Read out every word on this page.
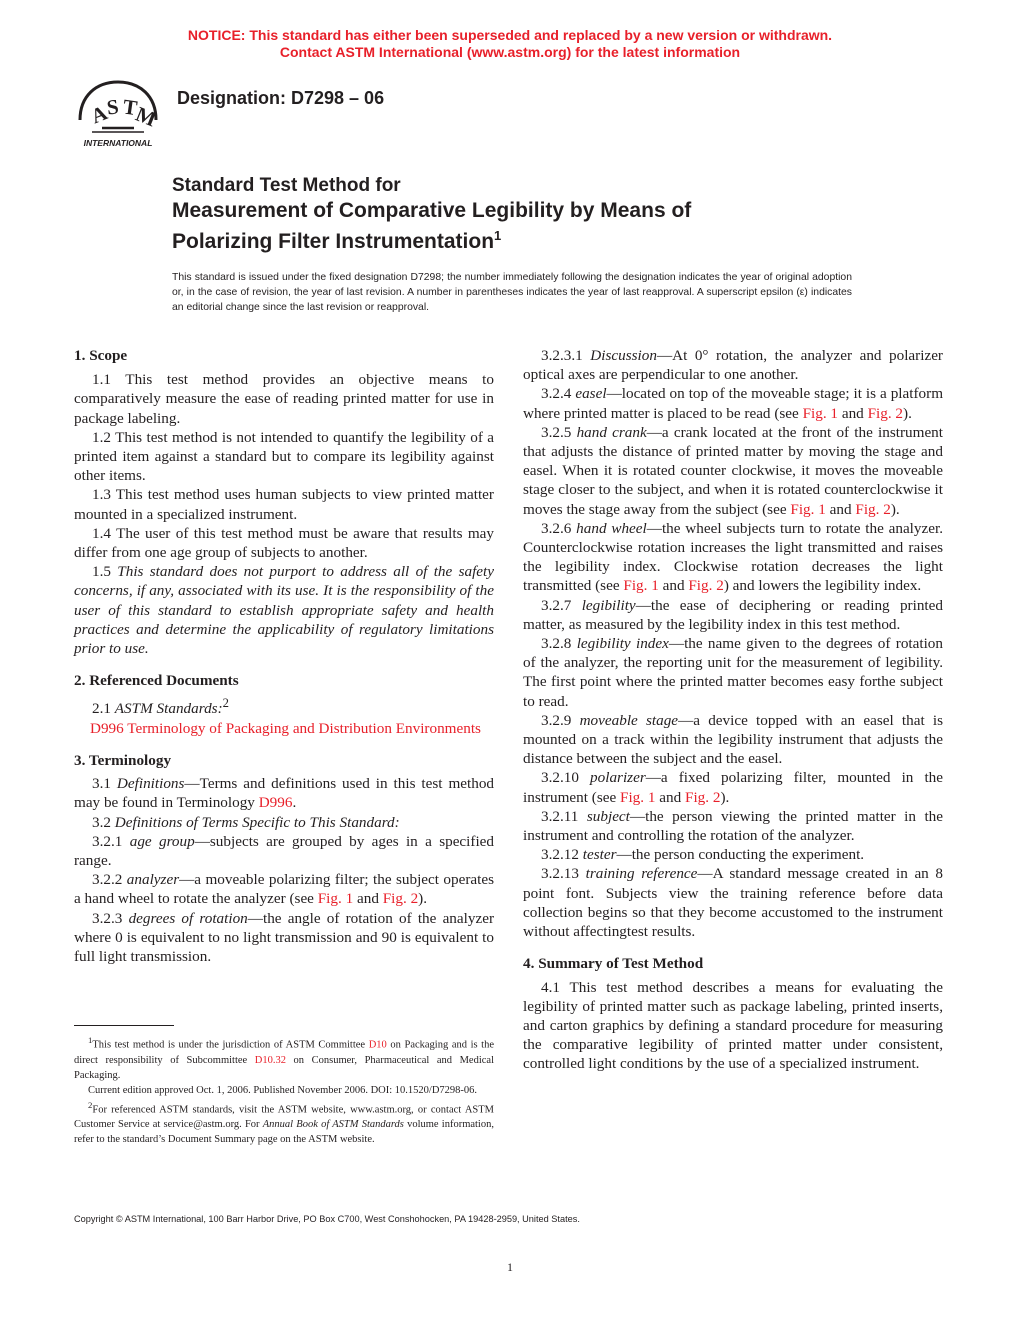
NOTICE: This standard has either been superseded and replaced by a new version or withdrawn.
Contact ASTM International (www.astm.org) for the latest information
A
S T
M
INTERNATIONAL
Designation: D7298 – 06
Standard Test Method for
Measurement of Comparative Legibility by Means of
Polarizing Filter Instrumentation$^1$
This standard is issued under the fixed designation D7298; the number immediately following the designation indicates the year of original adoption or, in the case of revision, the year of last revision. A number in parentheses indicates the year of last reapproval. A superscript epsilon (ε) indicates an editorial change since the last revision or reapproval.
1. Scope

1.1 This test method provides an objective means to comparatively measure the ease of reading printed matter for use in package labeling.

1.2 This test method is not intended to quantify the legibility of a printed item against a standard but to compare its legibility against other items.

1.3 This test method uses human subjects to view printed matter mounted in a specialized instrument.

1.4 The user of this test method must be aware that results may differ from one age group of subjects to another.

1.5 This standard does not purport to address all of the safety concerns, if any, associated with its use. It is the responsibility of the user of this standard to establish appropriate safety and health practices and determine the applicability of regulatory limitations prior to use.

2. Referenced Documents

2.1 ASTM Standards:$^2$

D996 Terminology of Packaging and Distribution Environments

3. Terminology

3.1 Definitions—Terms and definitions used in this test method may be found in Terminology D996.

3.2 Definitions of Terms Specific to This Standard:

3.2.1 age group—subjects are grouped by ages in a specified range.

3.2.2 analyzer—a moveable polarizing filter; the subject operates a hand wheel to rotate the analyzer (see Fig. 1 and Fig. 2).

3.2.3 degrees of rotation—the angle of rotation of the analyzer where 0 is equivalent to no light transmission and 90 is equivalent to full light transmission.

3.2.3.1 Discussion—At 0° rotation, the analyzer and polarizer optical axes are perpendicular to one another.

3.2.4 easel—located on top of the moveable stage; it is a platform where printed matter is placed to be read (see Fig. 1 and Fig. 2).

3.2.5 hand crank—a crank located at the front of the instrument that adjusts the distance of printed matter by moving the stage and easel. When it is rotated counter clockwise, it moves the moveable stage closer to the subject, and when it is rotated counterclockwise it moves the stage away from the subject (see Fig. 1 and Fig. 2).

3.2.6 hand wheel—the wheel subjects turn to rotate the analyzer. Counterclockwise rotation increases the light transmitted and raises the legibility index. Clockwise rotation decreases the light transmitted (see Fig. 1 and Fig. 2) and lowers the legibility index.

3.2.7 legibility—the ease of deciphering or reading printed matter, as measured by the legibility index in this test method.

3.2.8 legibility index—the name given to the degrees of rotation of the analyzer, the reporting unit for the measurement of legibility. The first point where the printed matter becomes easy forthe subject to read.

3.2.9 moveable stage—a device topped with an easel that is mounted on a track within the legibility instrument that adjusts the distance between the subject and the easel.

3.2.10 polarizer—a fixed polarizing filter, mounted in the instrument (see Fig. 1 and Fig. 2).

3.2.11 subject—the person viewing the printed matter in the instrument and controlling the rotation of the analyzer.

3.2.12 tester—the person conducting the experiment.

3.2.13 training reference—A standard message created in an 8 point font. Subjects view the training reference before data collection begins so that they become accustomed to the instrument without affectingtest results.

4. Summary of Test Method

4.1 This test method describes a means for evaluating the legibility of printed matter such as package labeling, printed inserts, and carton graphics by defining a standard procedure for measuring the comparative legibility of printed matter under consistent, controlled light conditions by the use of a specialized instrument.

$^1$This test method is under the jurisdiction of ASTM Committee D10 on Packaging and is the direct responsibility of Subcommittee D10.32 on Consumer, Pharmaceutical and Medical Packaging.

Current edition approved Oct. 1, 2006. Published November 2006. DOI: 10.1520/D7298-06.

$^2$For referenced ASTM standards, visit the ASTM website, www.astm.org, or contact ASTM Customer Service at service@astm.org. For Annual Book of ASTM Standards volume information, refer to the standard’s Document Summary page on the ASTM website.

Copyright © ASTM International, 100 Barr Harbor Drive, PO Box C700, West Conshohocken, PA 19428-2959, United States.
1
